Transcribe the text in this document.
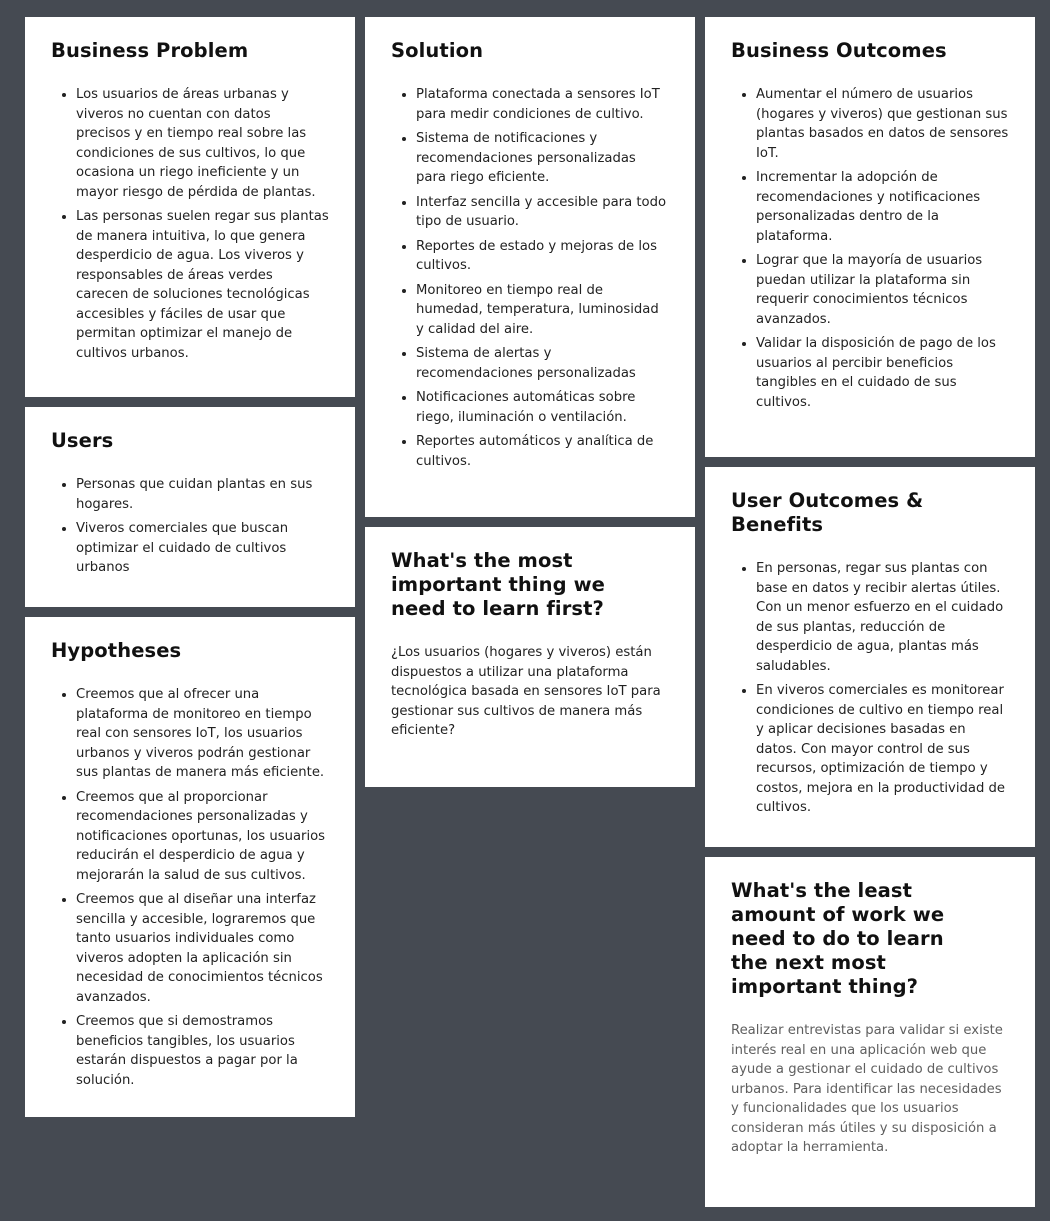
Business Problem
• Los usuarios de áreas urbanas y viveros no cuentan con datos precisos y en tiempo real sobre las condiciones de sus cultivos, lo que ocasiona un riego ineficiente y un mayor riesgo de pérdida de plantas.
• Las personas suelen regar sus plantas de manera intuitiva, lo que genera desperdicio de agua. Los viveros y responsables de áreas verdes carecen de soluciones tecnológicas accesibles y fáciles de usar que permitan optimizar el manejo de cultivos urbanos.
Users
• Personas que cuidan plantas en sus hogares.
• Viveros comerciales que buscan optimizar el cuidado de cultivos urbanos
Hypotheses
• Creemos que al ofrecer una plataforma de monitoreo en tiempo real con sensores IoT, los usuarios urbanos y viveros podrán gestionar sus plantas de manera más eficiente.
• Creemos que al proporcionar recomendaciones personalizadas y notificaciones oportunas, los usuarios reducirán el desperdicio de agua y mejorarán la salud de sus cultivos.
• Creemos que al diseñar una interfaz sencilla y accesible, lograremos que tanto usuarios individuales como viveros adopten la aplicación sin necesidad de conocimientos técnicos avanzados.
• Creemos que si demostramos beneficios tangibles, los usuarios estarán dispuestos a pagar por la solución.
Solution
• Plataforma conectada a sensores IoT para medir condiciones de cultivo.
• Sistema de notificaciones y recomendaciones personalizadas para riego eficiente.
• Interfaz sencilla y accesible para todo tipo de usuario.
• Reportes de estado y mejoras de los cultivos.
• Monitoreo en tiempo real de humedad, temperatura, luminosidad y calidad del aire.
• Sistema de alertas y recomendaciones personalizadas
• Notificaciones automáticas sobre riego, iluminación o ventilación.
• Reportes automáticos y analítica de cultivos.
What's the most important thing we need to learn first?

¿Los usuarios (hogares y viveros) están dispuestos a utilizar una plataforma tecnológica basada en sensores IoT para gestionar sus cultivos de manera más eficiente?

Business Outcomes
• Aumentar el número de usuarios (hogares y viveros) que gestionan sus plantas basados en datos de sensores IoT.
• Incrementar la adopción de recomendaciones y notificaciones personalizadas dentro de la plataforma.
• Lograr que la mayoría de usuarios puedan utilizar la plataforma sin requerir conocimientos técnicos avanzados.
• Validar la disposición de pago de los usuarios al percibir beneficios tangibles en el cuidado de sus cultivos.
User Outcomes & Benefits
• En personas, regar sus plantas con base en datos y recibir alertas útiles. Con un menor esfuerzo en el cuidado de sus plantas, reducción de desperdicio de agua, plantas más saludables.
• En viveros comerciales es monitorear condiciones de cultivo en tiempo real y aplicar decisiones basadas en datos. Con mayor control de sus recursos, optimización de tiempo y costos, mejora en la productividad de cultivos.
What's the least amount of work we need to do to learn the next most important thing?

Realizar entrevistas para validar si existe interés real en una aplicación web que ayude a gestionar el cuidado de cultivos urbanos. Para identificar las necesidades y funcionalidades que los usuarios consideran más útiles y su disposición a adoptar la herramienta.
